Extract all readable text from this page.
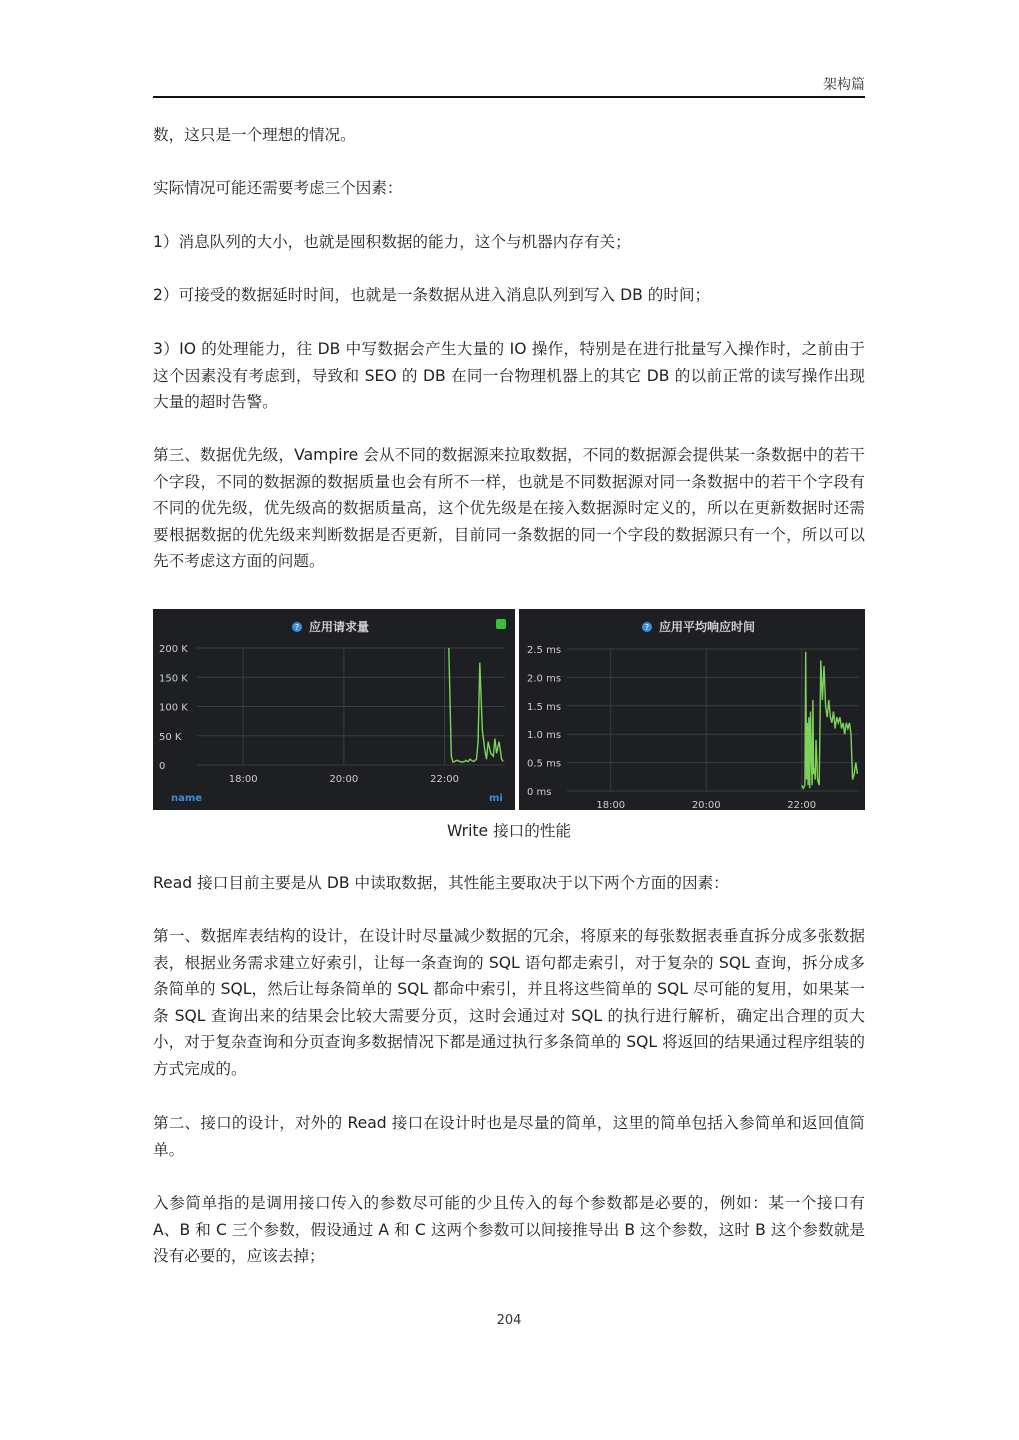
架构篇

数，这只是一个理想的情况。

实际情况可能还需要考虑三个因素：

1）消息队列的大小，也就是囤积数据的能力，这个与机器内存有关；

2）可接受的数据延时时间，也就是一条数据从进入消息队列到写入 DB 的时间；

3）IO 的处理能力，往 DB 中写数据会产生大量的 IO 操作，特别是在进行批量写入操作时，之前由于这个因素没有考虑到，导致和 SEO 的 DB 在同一台物理机器上的其它 DB 的以前正常的读写操作出现大量的超时告警。

第三、数据优先级，Vampire 会从不同的数据源来拉取数据，不同的数据源会提供某一条数据中的若干个字段，不同的数据源的数据质量也会有所不一样，也就是不同数据源对同一条数据中的若干个字段有不同的优先级，优先级高的数据质量高，这个优先级是在接入数据源时定义的，所以在更新数据时还需要根据数据的优先级来判断数据是否更新，目前同一条数据的同一个字段的数据源只有一个，所以可以先不考虑这方面的问题。

? 应用请求量
200 K
150 K
100 K
50 K
0
18:00	20:00	22:00
name	mi
? 应用平均响应时间
2.5 ms
2.0 ms
1.5 ms
1.0 ms
0.5 ms
0 ms
18:00	20:00	22:00
Write 接口的性能

Read 接口目前主要是从 DB 中读取数据，其性能主要取决于以下两个方面的因素：

第一、数据库表结构的设计，在设计时尽量减少数据的冗余，将原来的每张数据表垂直拆分成多张数据表，根据业务需求建立好索引，让每一条查询的 SQL 语句都走索引，对于复杂的 SQL 查询，拆分成多条简单的 SQL，然后让每条简单的 SQL 都命中索引，并且将这些简单的 SQL 尽可能的复用，如果某一条 SQL 查询出来的结果会比较大需要分页，这时会通过对 SQL 的执行进行解析，确定出合理的页大小，对于复杂查询和分页查询多数据情况下都是通过执行多条简单的 SQL 将返回的结果通过程序组装的方式完成的。

第二、接口的设计，对外的 Read 接口在设计时也是尽量的简单，这里的简单包括入参简单和返回值简单。

入参简单指的是调用接口传入的参数尽可能的少且传入的每个参数都是必要的，例如：某一个接口有 A、B 和 C 三个参数，假设通过 A 和 C 这两个参数可以间接推导出 B 这个参数，这时 B 这个参数就是没有必要的，应该去掉；

204
